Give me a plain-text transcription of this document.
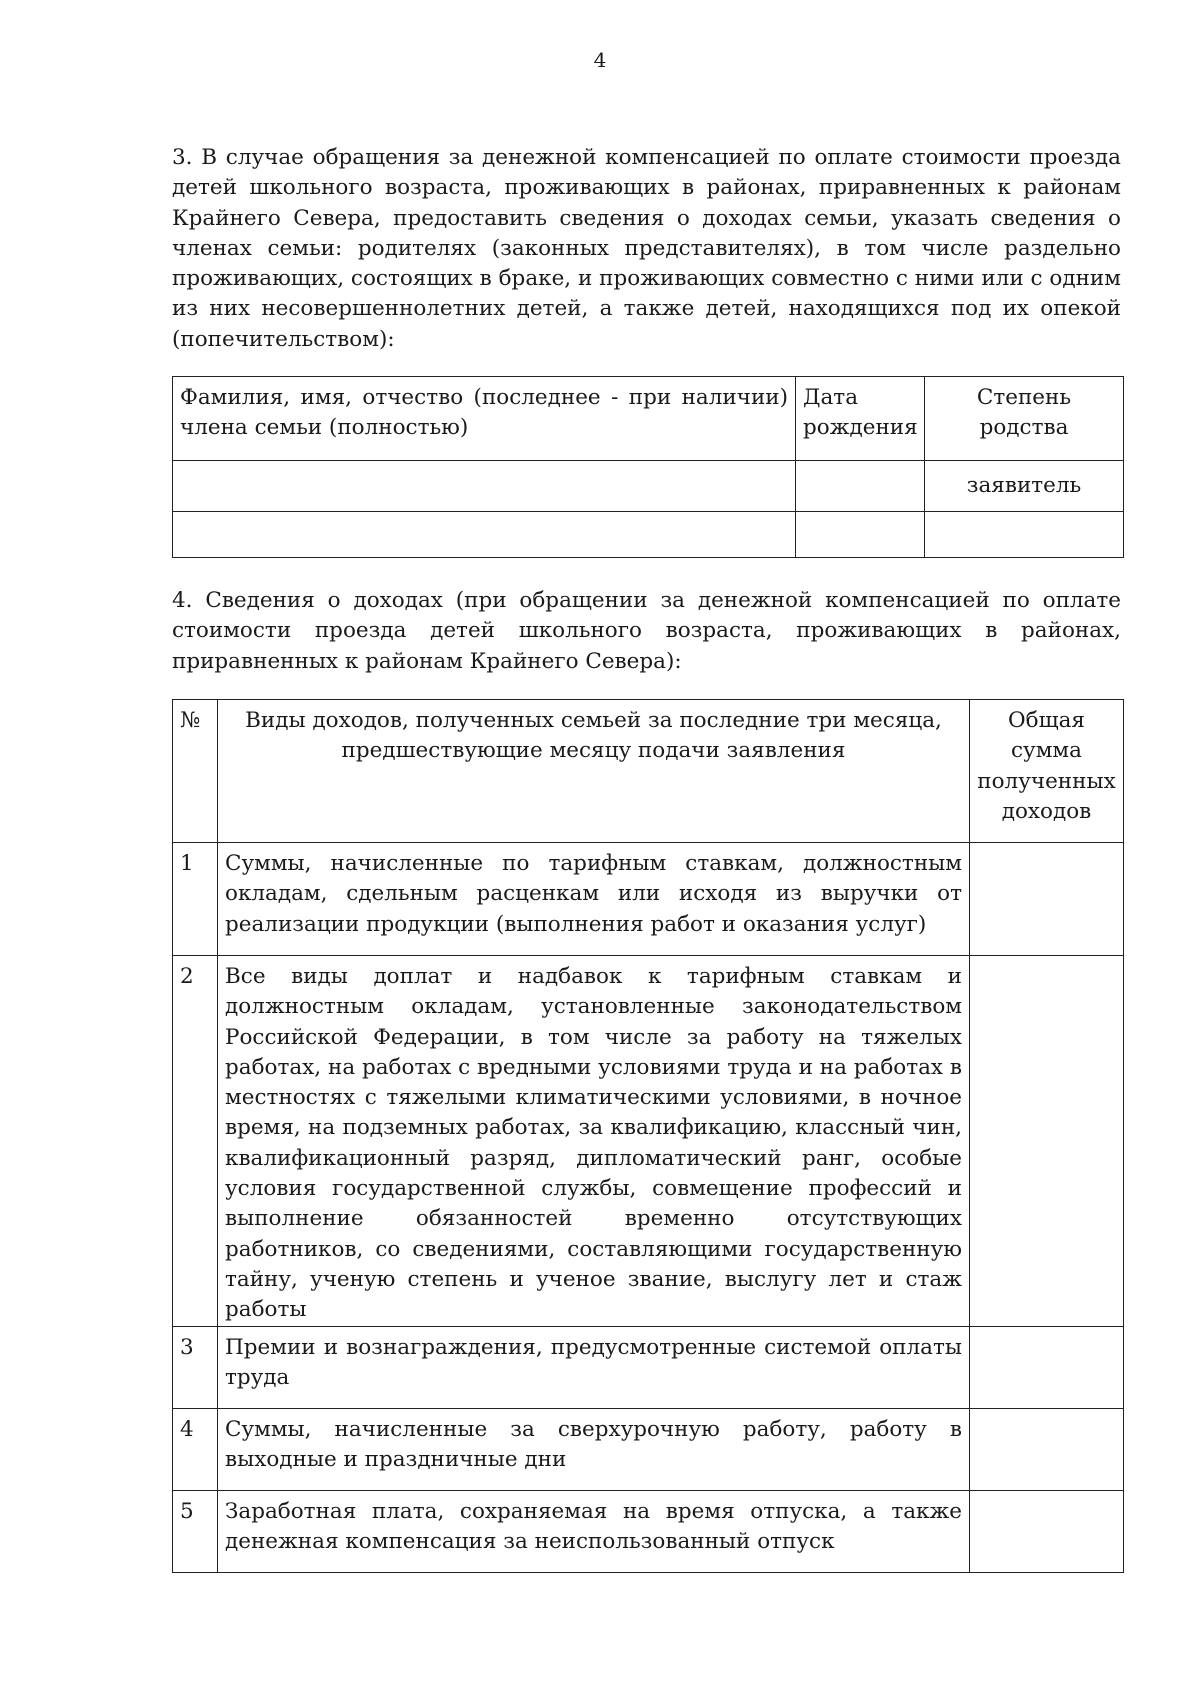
4

3. В случае обращения за денежной компенсацией по оплате стоимости проезда детей школьного возраста, проживающих в районах, приравненных к районам Крайнего Севера, предоставить сведения о доходах семьи, указать сведения о членах семьи: родителях (законных представителях), в том числе раздельно проживающих, состоящих в браке, и проживающих совместно с ними или с одним из них несовершеннолетних детей, а также детей, находящихся под их опекой (попечительством):

Фамилия, имя, отчество (последнее - при наличии) члена семьи (полностью)	Дата рождения	Степень родства
		заявитель

4. Сведения о доходах (при обращении за денежной компенсацией по оплате стоимости проезда детей школьного возраста, проживающих в районах, приравненных к районам Крайнего Севера):

№	Виды доходов, полученных семьей за последние три месяца, предшествующие месяцу подачи заявления	Общая сумма полученных доходов
1	Суммы, начисленные по тарифным ставкам, должностным окладам, сдельным расценкам или исходя из выручки от реализации продукции (выполнения работ и оказания услуг)	
2	Все виды доплат и надбавок к тарифным ставкам и должностным окладам, установленные законодательством Российской Федерации, в том числе за работу на тяжелых работах, на работах с вредными условиями труда и на работах в местностях с тяжелыми климатическими условиями, в ночное время, на подземных работах, за квалификацию, классный чин, квалификационный разряд, дипломатический ранг, особые условия государственной службы, совмещение профессий и выполнение обязанностей временно отсутствующих работников, со сведениями, составляющими государственную тайну, ученую степень и ученое звание, выслугу лет и стаж работы	
3	Премии и вознаграждения, предусмотренные системой оплаты труда	
4	Суммы, начисленные за сверхурочную работу, работу в выходные и праздничные дни	
5	Заработная плата, сохраняемая на время отпуска, а также денежная компенсация за неиспользованный отпуск	
